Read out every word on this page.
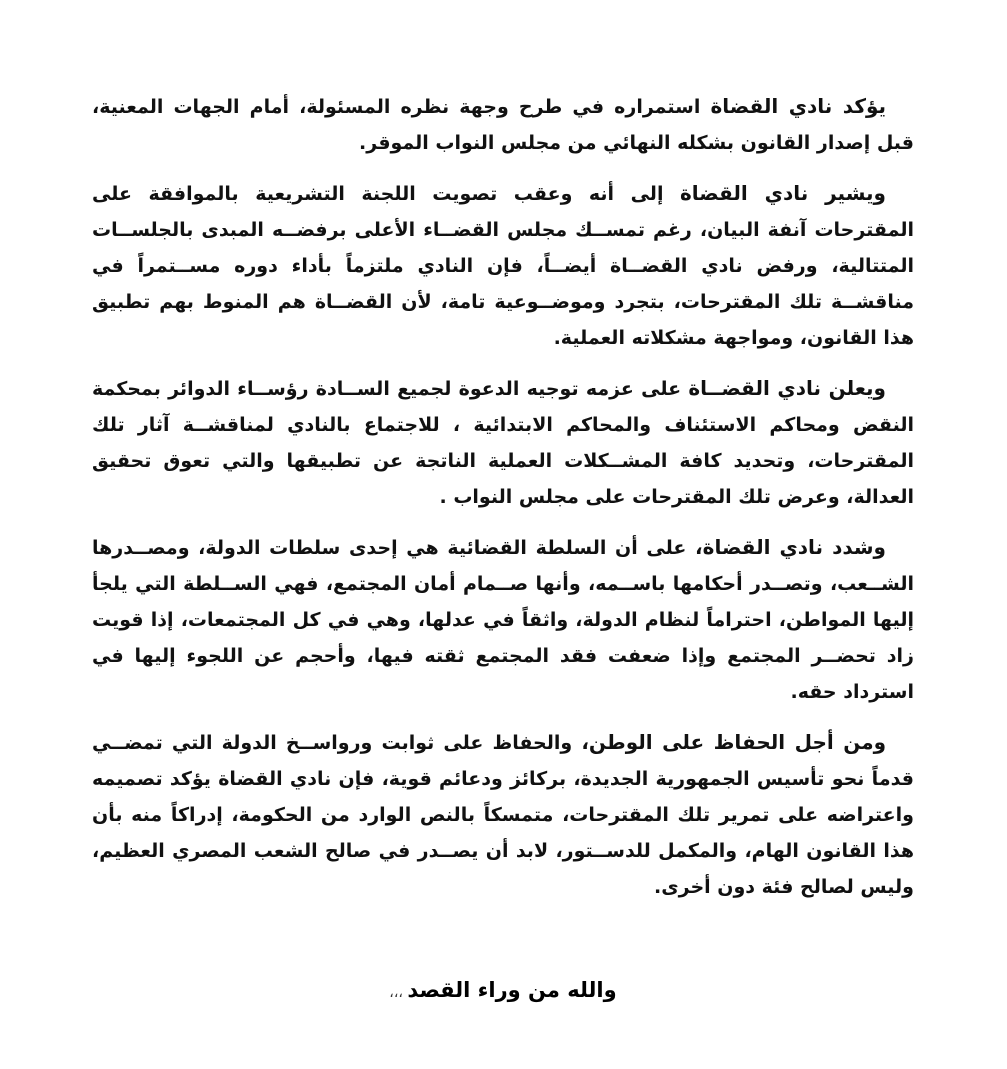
يؤكد نادي القضاة استمراره في طرح وجهة نظره المسئولة، أمام الجهات المعنية، قبل إصدار القانون بشكله النهائي من مجلس النواب الموقر.

ويشير نادي القضاة إلى أنه وعقب تصويت اللجنة التشريعية بالموافقة على المقترحات آنفة البيان، رغم تمســك مجلس القضــاء الأعلى برفضــه المبدى بالجلســات المتتالية، ورفض نادي القضــاة أيضــاً، فإن النادي ملتزماً بأداء دوره مســتمراً في مناقشــة تلك المقترحات، بتجرد وموضــوعية تامة، لأن القضــاة هم المنوط بهم تطبيق هذا القانون، ومواجهة مشكلاته العملية.

ويعلن نادي القضــاة على عزمه توجيه الدعوة لجميع الســادة رؤســاء الدوائر بمحكمة النقض ومحاكم الاستئناف والمحاكم الابتدائية ، للاجتماع بالنادي لمناقشــة آثار تلك المقترحات، وتحديد كافة المشــكلات العملية الناتجة عن تطبيقها والتي تعوق تحقيق العدالة، وعرض تلك المقترحات على مجلس النواب .

وشدد نادي القضاة، على أن السلطة القضائية هي إحدى سلطات الدولة، ومصــدرها الشــعب، وتصــدر أحكامها باســمه، وأنها صــمام أمان المجتمع، فهي الســلطة التي يلجأ إليها المواطن، احتراماً لنظام الدولة، واثقاً في عدلها، وهي في كل المجتمعات، إذا قويت زاد تحضــر المجتمع وإذا ضعفت فقد المجتمع ثقته فيها، وأحجم عن اللجوء إليها في استرداد حقه.

ومن أجل الحفاظ على الوطن، والحفاظ على ثوابت ورواســخ الدولة التي تمضــي قدماً نحو تأسيس الجمهورية الجديدة، بركائز ودعائم قوية، فإن نادي القضاة يؤكد تصميمه واعتراضه على تمرير تلك المقترحات، متمسكاً بالنص الوارد من الحكومة، إدراكاً منه بأن هذا القانون الهام، والمكمل للدســتور، لابد أن يصــدر في صالح الشعب المصري العظيم، وليس لصالح فئة دون أخرى.

والله من وراء القصد ،،،
